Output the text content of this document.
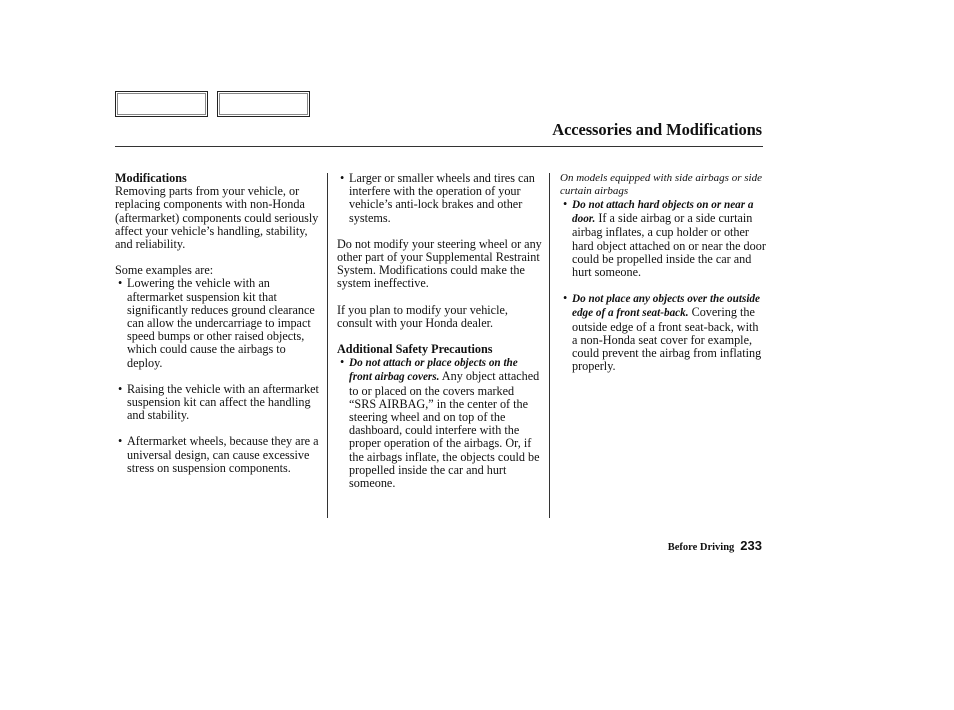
Accessories and Modifications
Modifications

Removing parts from your vehicle, or replacing components with non-Honda (aftermarket) components could seriously affect your vehicle’s handling, stability, and reliability.

Some examples are:

• Lowering the vehicle with an aftermarket suspension kit that significantly reduces ground clearance can allow the undercarriage to impact speed bumps or other raised objects, which could cause the airbags to deploy.
• Raising the vehicle with an aftermarket suspension kit can affect the handling and stability.
• Aftermarket wheels, because they are a universal design, can cause excessive stress on suspension components.
• Larger or smaller wheels and tires can interfere with the operation of your vehicle’s anti-lock brakes and other systems.

Do not modify your steering wheel or any other part of your Supplemental Restraint System. Modifications could make the system ineffective.

If you plan to modify your vehicle, consult with your Honda dealer.

Additional Safety Precautions
• Do not attach or place objects on the front airbag covers. Any object attached to or placed on the covers marked “SRS AIRBAG,” in the center of the steering wheel and on top of the dashboard, could interfere with the proper operation of the airbags. Or, if the airbags inflate, the objects could be propelled inside the car and hurt someone.

On models equipped with side airbags or side curtain airbags

• Do not attach hard objects on or near a door. If a side airbag or a side curtain airbag inflates, a cup holder or other hard object attached on or near the door could be propelled inside the car and hurt someone.
• Do not place any objects over the outside edge of a front seat-back. Covering the outside edge of a front seat-back, with a non-Honda seat cover for example, could prevent the airbag from inflating properly.
Before Driving 233
